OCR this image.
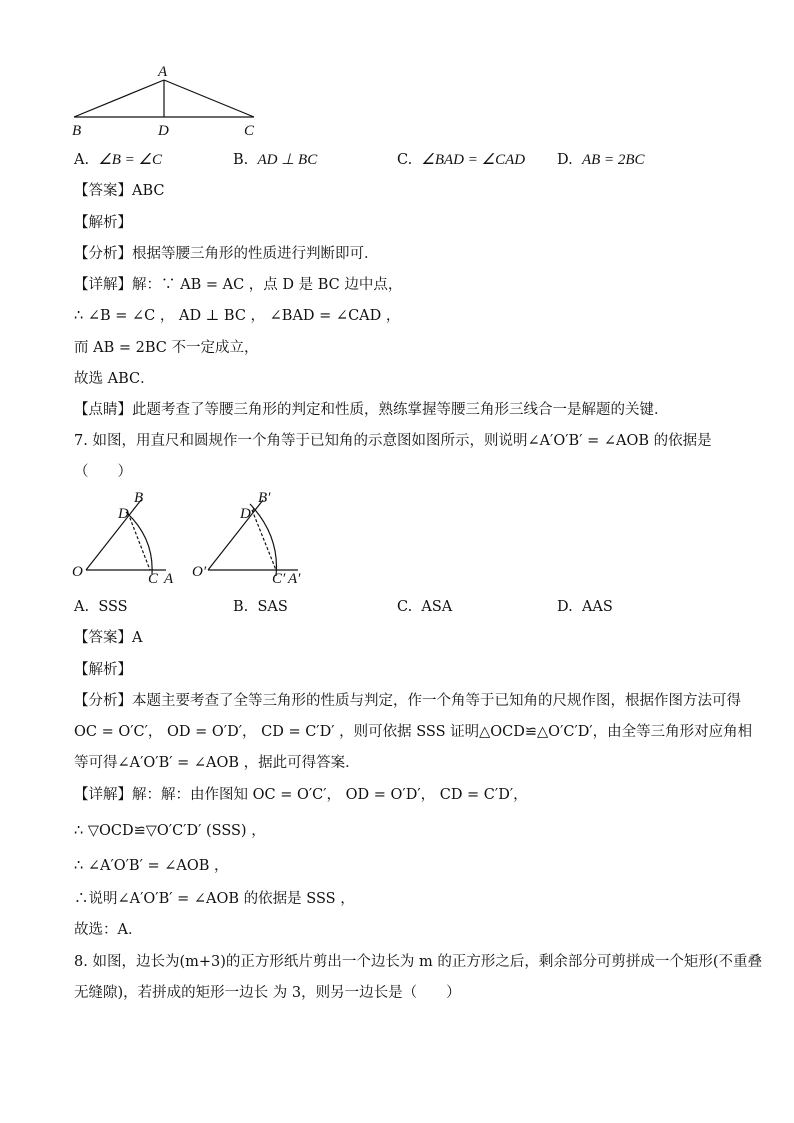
A
B	D	C
A. ∠B = ∠C	B. AD ⊥ BC	C. ∠BAD = ∠CAD D. AB = 2BC
【答案】ABC
【解析】
【分析】根据等腰三角形的性质进行判断即可．
【详解】解：∵ AB = AC ，点 D 是 BC 边中点，
∴ ∠B = ∠C ， AD ⊥ BC ， ∠BAD = ∠CAD ，
而 AB = 2BC 不一定成立，
故选 ABC．
【点睛】此题考查了等腰三角形的判定和性质，熟练掌握等腰三角形三线合一是解题的关键．
7. 如图，用直尺和圆规作一个角等于已知角的示意图如图所示，则说明∠A′O′B′ = ∠AOB 的依据是
（　　）
O
B
D
C A O′
B′
D′
C′ A′
A. SSS	B. SAS	C. ASA	D. AAS
【答案】A
【解析】
【分析】本题主要考查了全等三角形的性质与判定，作一个角等于已知角的尺规作图，根据作图方法可得
OC = O′C′， OD = O′D′， CD = C′D′ ，则可依据 SSS 证明△OCD≌△O′C′D′，由全等三角形对应角相
等可得∠A′O′B′ = ∠AOB ，据此可得答案．
【详解】解：解：由作图知 OC = O′C′， OD = O′D′， CD = C′D′，
∴ ▽OCD≌▽O′C′D′ (SSS) ，
∴ ∠A′O′B′ = ∠AOB ，
∴说明∠A′O′B′ = ∠AOB 的依据是 SSS ，
故选：A．
8. 如图，边长为(m+3)的正方形纸片剪出一个边长为 m 的正方形之后，剩余部分可剪拼成一个矩形(不重叠
无缝隙)，若拼成的矩形一边长 为 3，则另一边长是（　　）
